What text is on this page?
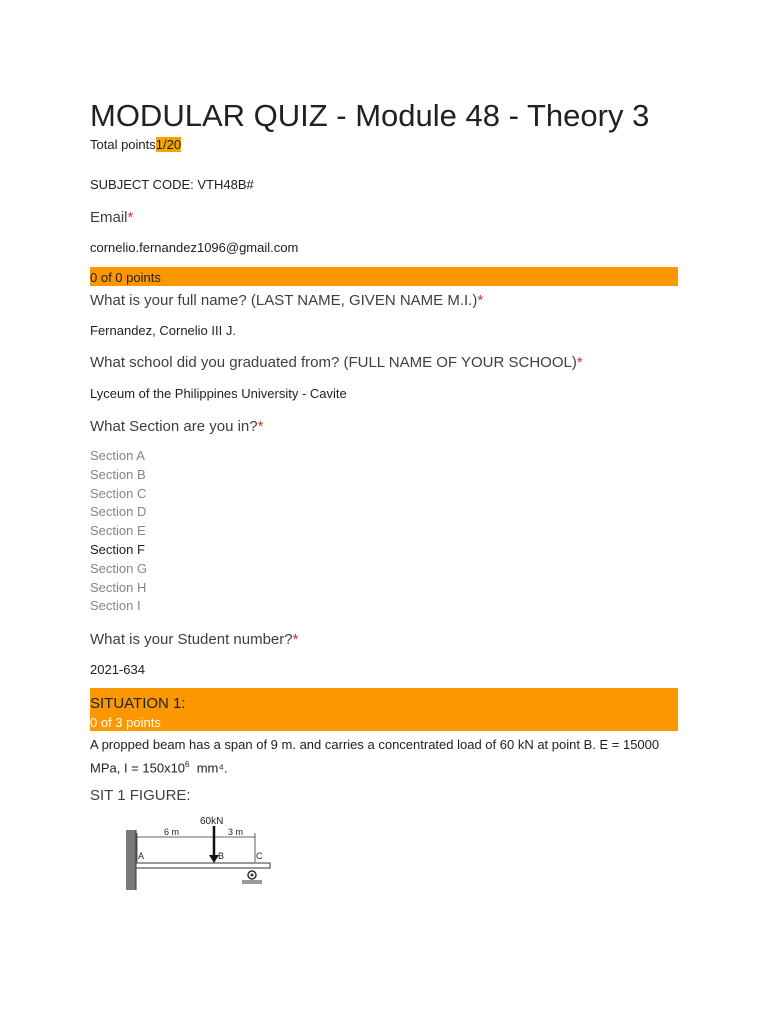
MODULAR QUIZ - Module 48 - Theory 3
Total points1/20
SUBJECT CODE: VTH48B#
Email*
cornelio.fernandez1096@gmail.com
0 of 0 points
What is your full name? (LAST NAME, GIVEN NAME M.I.)*
Fernandez, Cornelio III J.
What school did you graduated from? (FULL NAME OF YOUR SCHOOL)*
Lyceum of the Philippines University - Cavite
What Section are you in?*
Section A
Section B
Section C
Section D
Section E
Section F
Section G
Section H
Section I
What is your Student number?*
2021-634
SITUATION 1:
0 of 3 points
A propped beam has a span of 9 m. and carries a concentrated load of 60 kN at point B. E = 15000 MPa, $I = 150x10^6$ mm⁴.
SIT 1 FIGURE:
60kN
6 m	3 m
A	B	C
